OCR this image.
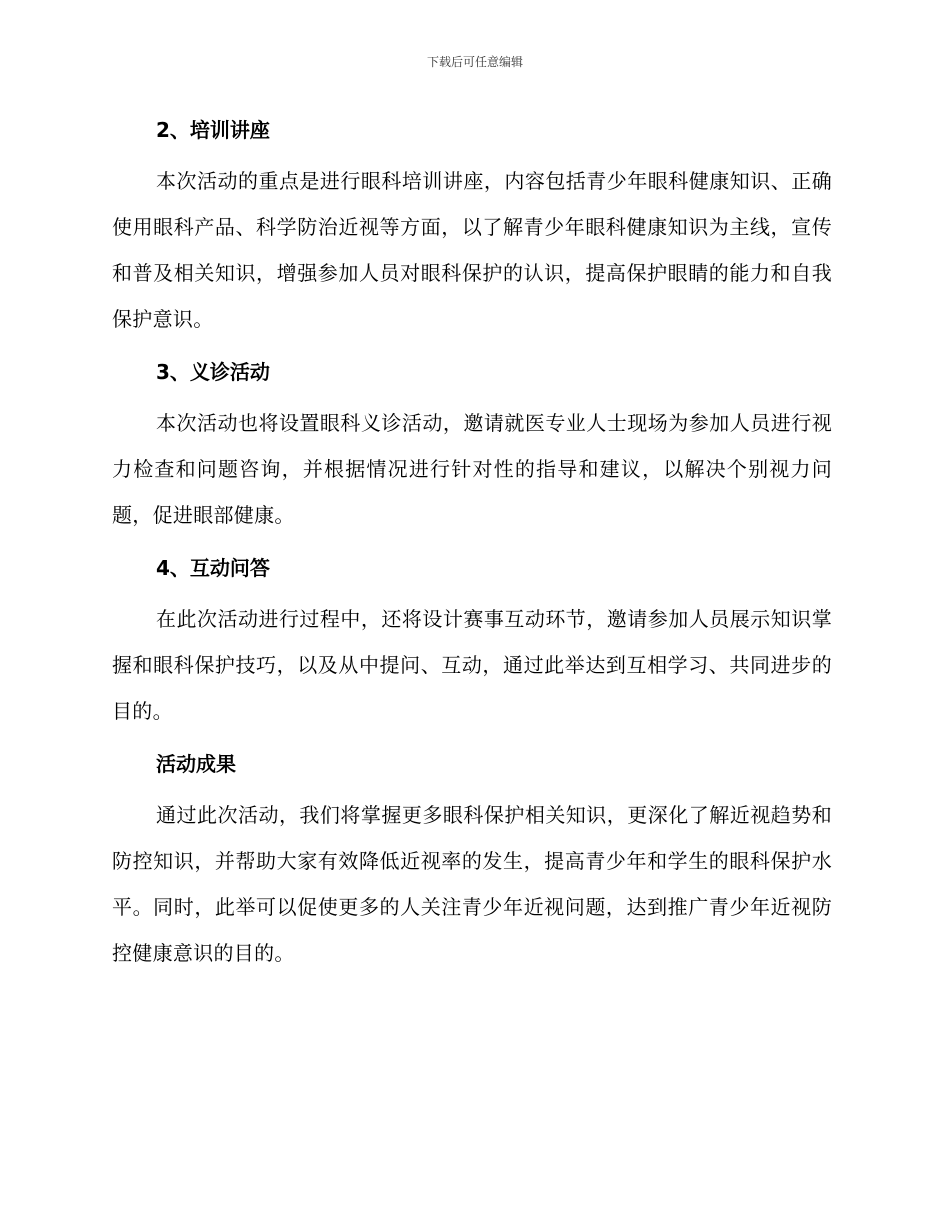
下载后可任意编辑
2、培训讲座

本次活动的重点是进行眼科培训讲座，内容包括青少年眼科健康知识、正确使用眼科产品、科学防治近视等方面，以了解青少年眼科健康知识为主线，宣传和普及相关知识，增强参加人员对眼科保护的认识，提高保护眼睛的能力和自我保护意识。

3、义诊活动

本次活动也将设置眼科义诊活动，邀请就医专业人士现场为参加人员进行视力检查和问题咨询，并根据情况进行针对性的指导和建议，以解决个别视力问题，促进眼部健康。

4、互动问答

在此次活动进行过程中，还将设计赛事互动环节，邀请参加人员展示知识掌握和眼科保护技巧，以及从中提问、互动，通过此举达到互相学习、共同进步的目的。

活动成果

通过此次活动，我们将掌握更多眼科保护相关知识，更深化了解近视趋势和防控知识，并帮助大家有效降低近视率的发生，提高青少年和学生的眼科保护水平。同时，此举可以促使更多的人关注青少年近视问题，达到推广青少年近视防控健康意识的目的。
